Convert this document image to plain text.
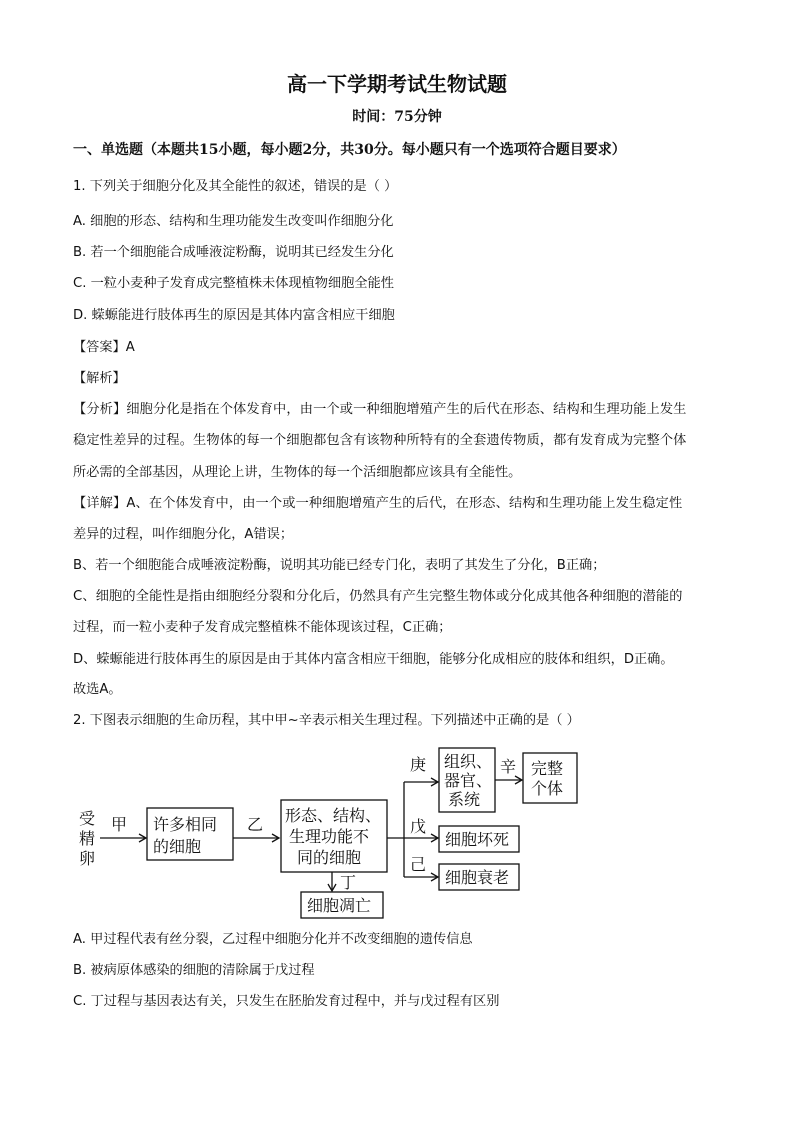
高一下学期考试生物试题
时间：75分钟
一、单选题（本题共15小题，每小题2分，共30分。每小题只有一个选项符合题目要求）
1. 下列关于细胞分化及其全能性的叙述，错误的是（ ）
A. 细胞的形态、结构和生理功能发生改变叫作细胞分化
B. 若一个细胞能合成唾液淀粉酶，说明其已经发生分化
C. 一粒小麦种子发育成完整植株未体现植物细胞全能性
D. 蝾螈能进行肢体再生的原因是其体内富含相应干细胞
【答案】A
【解析】
【分析】细胞分化是指在个体发育中，由一个或一种细胞增殖产生的后代在形态、结构和生理功能上发生
稳定性差异的过程。生物体的每一个细胞都包含有该物种所特有的全套遗传物质，都有发育成为完整个体
所必需的全部基因，从理论上讲，生物体的每一个活细胞都应该具有全能性。
【详解】A、在个体发育中，由一个或一种细胞增殖产生的后代，在形态、结构和生理功能上发生稳定性
差异的过程，叫作细胞分化，A错误；
B、若一个细胞能合成唾液淀粉酶，说明其功能已经专门化，表明了其发生了分化，B正确；
C、细胞的全能性是指由细胞经分裂和分化后，仍然具有产生完整生物体或分化成其他各种细胞的潜能的
过程，而一粒小麦种子发育成完整植株不能体现该过程，C正确；
D、蝾螈能进行肢体再生的原因是由于其体内富含相应干细胞，能够分化成相应的肢体和组织，D正确。
故选A。
2. 下图表示细胞的生命历程，其中甲~辛表示相关生理过程。下列描述中正确的是（ ）
受
精
卵
甲 许多相同
的细胞
乙 形态、结构、
生理功能不
同的细胞
庚 组织、
器官、
系统
辛
戊
细胞坏死
己
细胞衰老
丁
细胞凋亡
完整
个体
A. 甲过程代表有丝分裂，乙过程中细胞分化并不改变细胞的遗传信息
B. 被病原体感染的细胞的清除属于戊过程
C. 丁过程与基因表达有关，只发生在胚胎发育过程中，并与戊过程有区别
